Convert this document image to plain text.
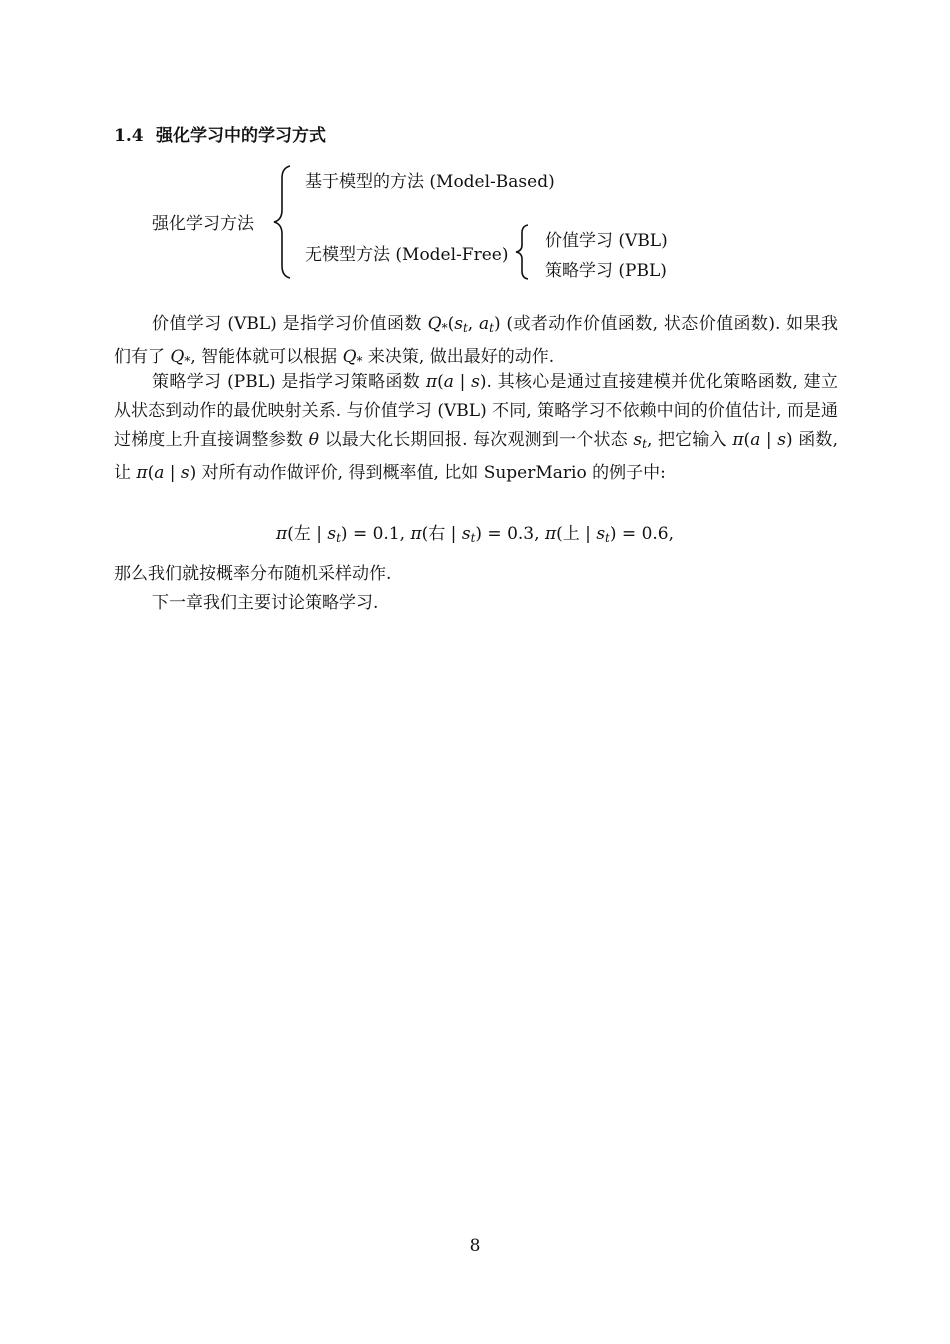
1.4 强化学习中的学习方式
强化学习方法
基于模型的方法 (Model-Based)
无模型方法 (Model-Free)
价值学习 (VBL)
策略学习 (PBL)

价值学习 (VBL) 是指学习价值函数 $Q_*(s_t$, $a_t$) (或者动作价值函数, 状态价值函数). 如果我们有了 $Q_*$, 智能体就可以根据 $Q_*$ 来决策, 做出最好的动作.

策略学习 (PBL) 是指学习策略函数 π(a | s). 其核心是通过直接建模并优化策略函数, 建立从状态到动作的最优映射关系. 与价值学习 (VBL) 不同, 策略学习不依赖中间的价值估计, 而是通过梯度上升直接调整参数 θ 以最大化长期回报. 每次观测到一个状态 $s_t$, 把它输入 π(a | s) 函数, 让 π(a | s) 对所有动作做评价, 得到概率值, 比如 SuperMario 的例子中:

π(左 | $s_t) = 0.1$, π(右 | $s_t) = 0.3$, π(上 | $s_t) = 0.6$,

那么我们就按概率分布随机采样动作.

下一章我们主要讨论策略学习.

8
